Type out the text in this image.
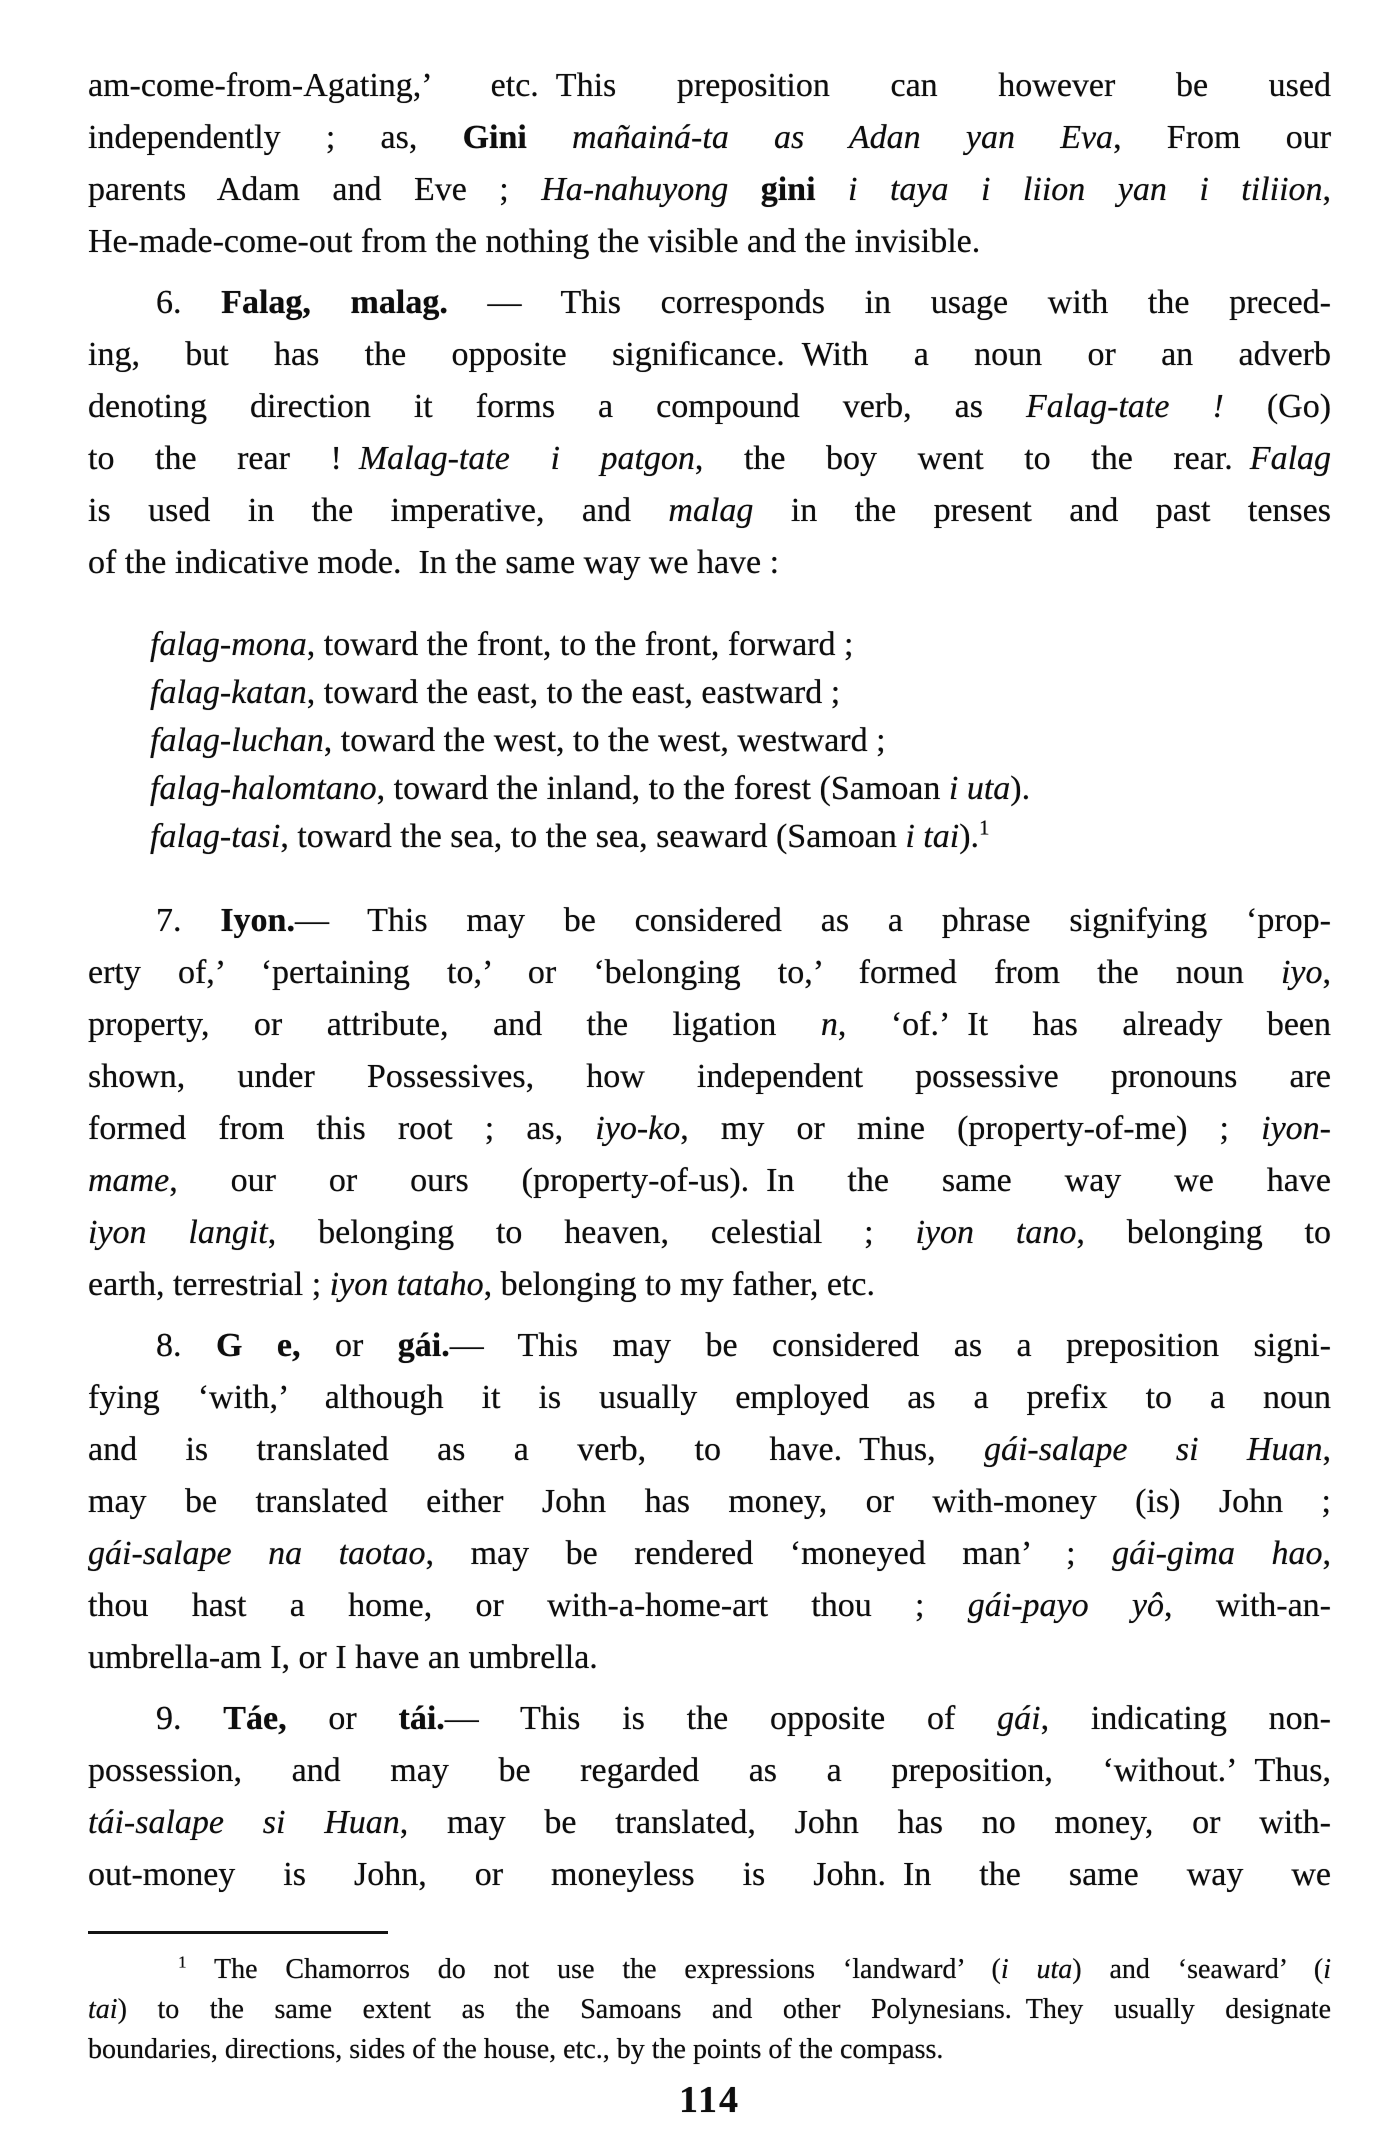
am-come-from-Agating,’ etc. This preposition can however be used
independently ; as, Gini mañainá-ta as Adan yan Eva, From our
parents Adam and Eve ; Ha-nahuyong gini i taya i liion yan i tiliion,
He-made-come-out from the nothing the visible and the invisible.
6. Falag, malag. — This corresponds in usage with the preced-
ing, but has the opposite significance. With a noun or an adverb
denoting direction it forms a compound verb, as Falag-tate ! (Go)
to the rear ! Malag-tate i patgon, the boy went to the rear. Falag
is used in the imperative, and malag in the present and past tenses
of the indicative mode. In the same way we have :
falag-mona, toward the front, to the front, forward ;
falag-katan, toward the east, to the east, eastward ;
falag-luchan, toward the west, to the west, westward ;
falag-halomtano, toward the inland, to the forest (Samoan i uta).
falag-tasi, toward the sea, to the sea, seaward (Samoan i tai).$^1$
7. Iyon.— This may be considered as a phrase signifying ‘prop-
erty of,’ ‘pertaining to,’ or ‘belonging to,’ formed from the noun iyo,
property, or attribute, and the ligation n, ‘of.’ It has already been
shown, under Possessives, how independent possessive pronouns are
formed from this root ; as, iyo-ko, my or mine (property-of-me) ; iyon-
mame, our or ours (property-of-us). In the same way we have
iyon langit, belonging to heaven, celestial ; iyon tano, belonging to
earth, terrestrial ; iyon tataho, belonging to my father, etc.
8. G e, or gái.— This may be considered as a preposition signi-
fying ‘with,’ although it is usually employed as a prefix to a noun
and is translated as a verb, to have. Thus, gái-salape si Huan,
may be translated either John has money, or with-money (is) John ;
gái-salape na taotao, may be rendered ‘moneyed man’ ; gái-gima hao,
thou hast a home, or with-a-home-art thou ; gái-payo yô, with-an-
umbrella-am I, or I have an umbrella.
9. Táe, or tái.— This is the opposite of gái, indicating non-
possession, and may be regarded as a preposition, ‘without.’ Thus,
tái-salape si Huan, may be translated, John has no money, or with-
out-money is John, or moneyless is John. In the same way we
$^1$ The Chamorros do not use the expressions ‘landward’ (i uta) and ‘seaward’ (i
tai) to the same extent as the Samoans and other Polynesians. They usually designate
boundaries, directions, sides of the house, etc., by the points of the compass.
114
